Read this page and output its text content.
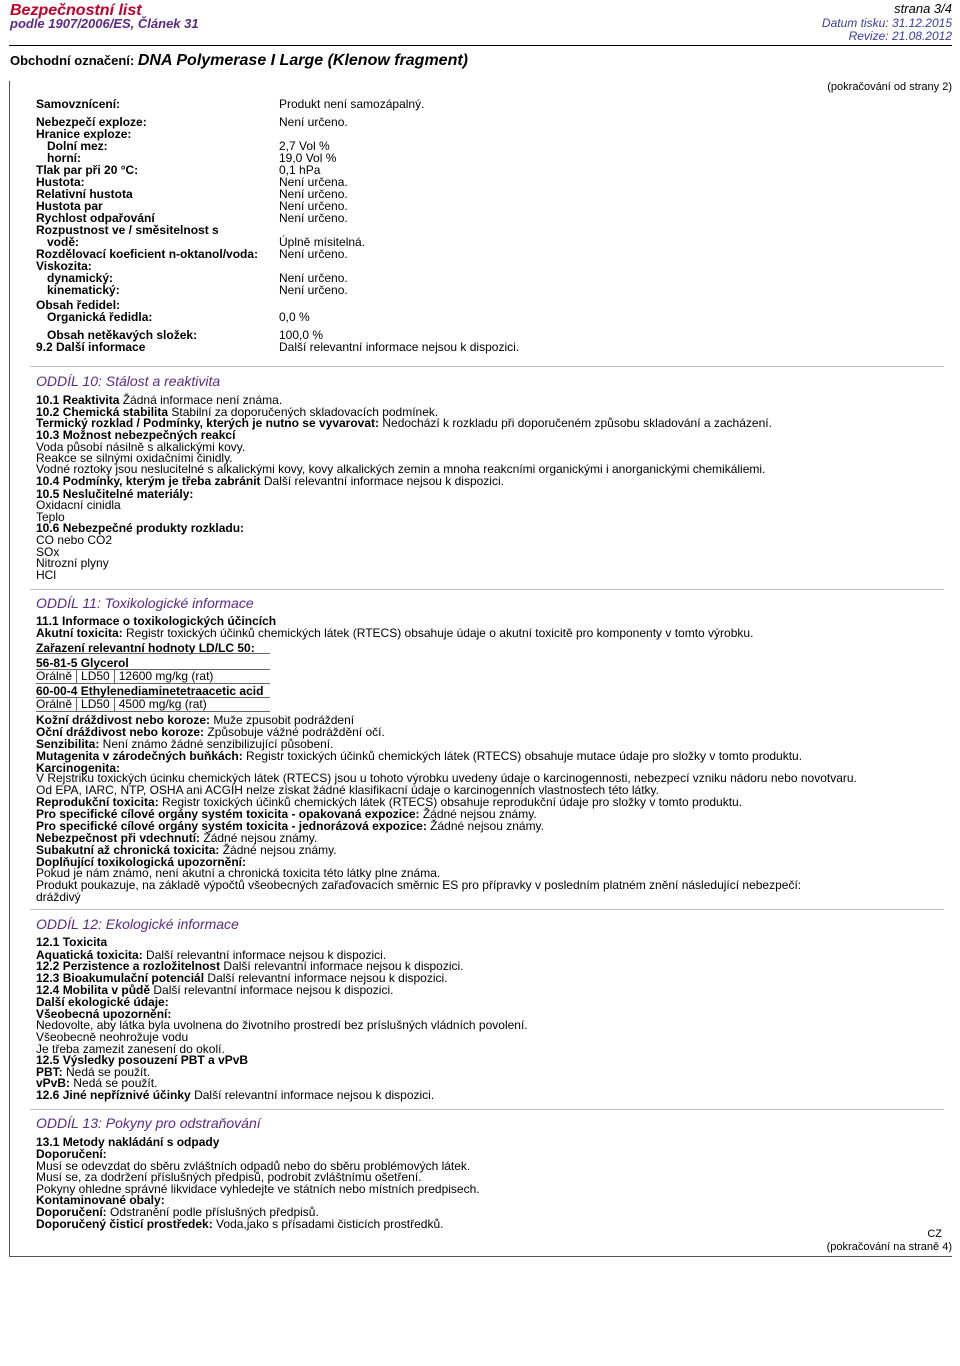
Bezpečnostní list
podle 1907/2006/ES, Článek 31
strana 3/4
Datum tisku: 31.12.2015
Revize: 21.08.2012
Obchodní označení: DNA Polymerase I Large (Klenow fragment)
(pokračování od strany 2)
Samovznícení:	Produkt není samozápalný.
Nebezpečí exploze:	Není určeno.
Hranice exploze:
Dolní mez:	2,7 Vol %
horní:	19,0 Vol %
Tlak par při 20 °C:	0,1 hPa
Hustota:	Není určena.
Relativní hustota	Není určeno.
Hustota par	Není určeno.
Rychlost odpařování	Není určeno.
Rozpustnost ve / směsitelnost s
vodě:	Úplně mísitelná.
Rozdělovací koeficient n-oktanol/voda: Není určeno.
Viskozita:
dynamický:	Není určeno.
kinematický:	Není určeno.
Obsah ředidel:
Organická ředidla:	0,0 %
Obsah netěkavých složek:	100,0 %
9.2 Další informace	Další relevantní informace nejsou k dispozici.
ODDÍL 10: Stálost a reaktivita
10.1 Reaktivita Žádná informace není známa.
10.2 Chemická stabilita Stabilní za doporučených skladovacích podmínek.
Termický rozklad / Podmínky, kterých je nutno se vyvarovat: Nedochází k rozkladu při doporučeném způsobu skladování a zacházení.
10.3 Možnost nebezpečných reakcí
Voda působí násilně s alkalickými kovy.
Reakce se silnými oxidačními činidly.
Vodné roztoky jsou neslucitelné s alkalickými kovy, kovy alkalických zemin a mnoha reakcními organickými i anorganickými chemikáliemi.
10.4 Podmínky, kterým je třeba zabránit Další relevantní informace nejsou k dispozici.
10.5 Neslučitelné materiály:
Oxidacní cinidla
Teplo
10.6 Nebezpečné produkty rozkladu:
CO nebo CO2
SOx
Nitrozní plyny
HCl
ODDÍL 11: Toxikologické informace
11.1 Informace o toxikologických účincích
Akutní toxicita: Registr toxických účinků chemických látek (RTECS) obsahuje údaje o akutní toxicitě pro komponenty v tomto výrobku.
Zařazení relevantní hodnoty LD/LC 50:
56-81-5 Glycerol
Orálně	LD50	12600 mg/kg (rat)
60-00-4 Ethylenediaminetetraacetic acid
Orálně	LD50	4500 mg/kg (rat)
Kožní dráždivost nebo koroze: Muže zpusobit podráždení
Oční dráždivost nebo koroze: Způsobuje vážné podráždění očí.
Senzibilita: Není známo žádné senzibilizující působení.
Mutagenita v zárodečných buňkách: Registr toxických účinků chemických látek (RTECS) obsahuje mutace údaje pro složky v tomto produktu.
Karcinogenita:
V Rejstriku toxických úcinku chemických látek (RTECS) jsou u tohoto výrobku uvedeny údaje o karcinogennosti, nebezpecí vzniku nádoru nebo novotvaru.
Od EPA, IARC, NTP, OSHA ani ACGIH nelze získat žádné klasifikacní údaje o karcinogenních vlastnostech této látky.
Reprodukční toxicita: Registr toxických účinků chemických látek (RTECS) obsahuje reprodukční údaje pro složky v tomto produktu.
Pro specifické cílové orgány systém toxicita - opakovaná expozice: Žádné nejsou známy.
Pro specifické cílové orgány systém toxicita - jednorázová expozice: Žádné nejsou známy.
Nebezpečnost při vdechnutí: Žádné nejsou známy.
Subakutní až chronická toxicita: Žádné nejsou známy.
Doplňující toxikologická upozornění:
Pokud je nám známo, není akutní a chronická toxicita této látky plne známa.
Produkt poukazuje, na základě výpočtů všeobecných zařaďovacích směrnic ES pro přípravky v posledním platném znění následující nebezpečí:
dráždivý
ODDÍL 12: Ekologické informace
12.1 Toxicita
Aquatická toxicita: Další relevantní informace nejsou k dispozici.
12.2 Perzistence a rozložitelnost Další relevantní informace nejsou k dispozici.
12.3 Bioakumulační potenciál Další relevantní informace nejsou k dispozici.
12.4 Mobilita v půdě Další relevantní informace nejsou k dispozici.
Další ekologické údaje:
Všeobecná upozornění:
Nedovolte, aby látka byla uvolnena do životního prostredí bez príslušných vládních povolení.
Všeobecně neohrožuje vodu
Je třeba zamezit zanesení do okolí.
12.5 Výsledky posouzení PBT a vPvB
PBT: Nedá se použít.
vPvB: Nedá se použít.
12.6 Jiné nepříznivé účinky Další relevantní informace nejsou k dispozici.
ODDÍL 13: Pokyny pro odstraňování
13.1 Metody nakládání s odpady
Doporučení:
Musí se odevzdat do sběru zvláštních odpadů nebo do sběru problémových látek.
Musí se, za dodržení příslušných předpisů, podrobit zvláštnímu ošetření.
Pokyny ohledne správné likvidace vyhledejte ve státních nebo místních predpisech.
Kontaminované obaly:
Doporučení: Odstranění podle příslušných předpisů.
Doporučený čisticí prostředek: Voda,jako s přísadami čisticích prostředků.
CZ
(pokračování na straně 4)
